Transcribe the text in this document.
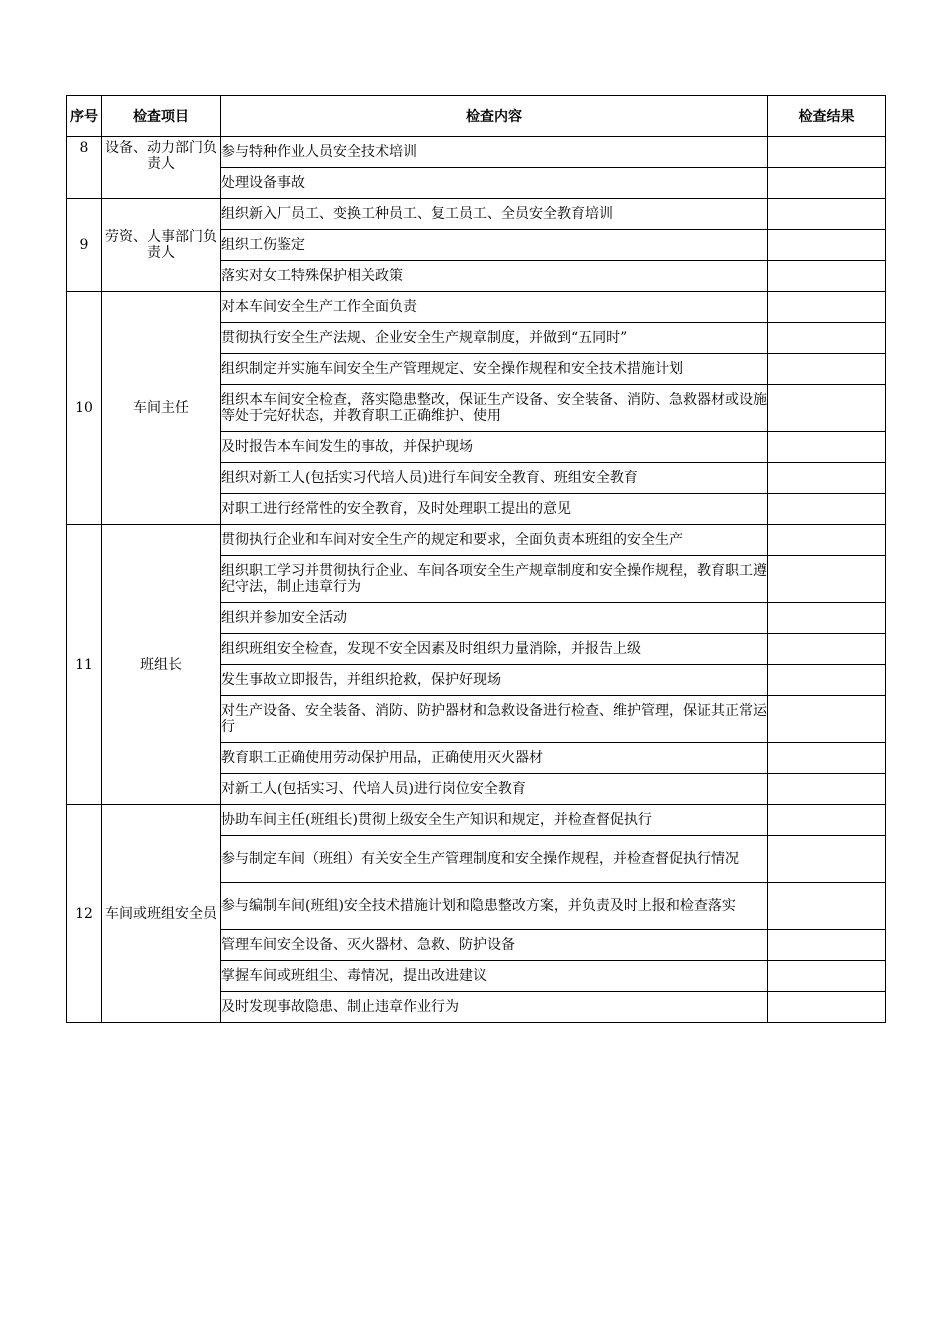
序号	检查项目	检查内容	检查结果
8	设备、动力部门负责人	参与特种作业人员安全技术培训	
		处理设备事故	
9	劳资、人事部门负责人	组织新入厂员工、变换工种员工、复工员工、全员安全教育培训	
		组织工伤鉴定	
		落实对女工特殊保护相关政策	
10	车间主任	对本车间安全生产工作全面负责	
		贯彻执行安全生产法规、企业安全生产规章制度，并做到“五同时”	
		组织制定并实施车间安全生产管理规定、安全操作规程和安全技术措施计划	
		组织本车间安全检查，落实隐患整改，保证生产设备、安全装备、消防、急救器材或设施等处于完好状态，并教育职工正确维护、使用	
		及时报告本车间发生的事故，并保护现场	
		组织对新工人(包括实习代培人员)进行车间安全教育、班组安全教育	
		对职工进行经常性的安全教育，及时处理职工提出的意见	
11	班组长	贯彻执行企业和车间对安全生产的规定和要求，全面负责本班组的安全生产	
		组织职工学习并贯彻执行企业、车间各项安全生产规章制度和安全操作规程，教育职工遵纪守法，制止违章行为	
		组织并参加安全活动	
		组织班组安全检查，发现不安全因素及时组织力量消除，并报告上级	
		发生事故立即报告，并组织抢救，保护好现场	
		对生产设备、安全装备、消防、防护器材和急救设备进行检查、维护管理，保证其正常运行	
		教育职工正确使用劳动保护用品，正确使用灭火器材	
		对新工人(包括实习、代培人员)进行岗位安全教育	
12	车间或班组安全员	协助车间主任(班组长)贯彻上级安全生产知识和规定，并检查督促执行	
		参与制定车间（班组）有关安全生产管理制度和安全操作规程，并检查督促执行情况	
		参与编制车间(班组)安全技术措施计划和隐患整改方案，并负责及时上报和检查落实	
		管理车间安全设备、灭火器材、急救、防护设备	
		掌握车间或班组尘、毒情况，提出改进建议	
		及时发现事故隐患、制止违章作业行为	
